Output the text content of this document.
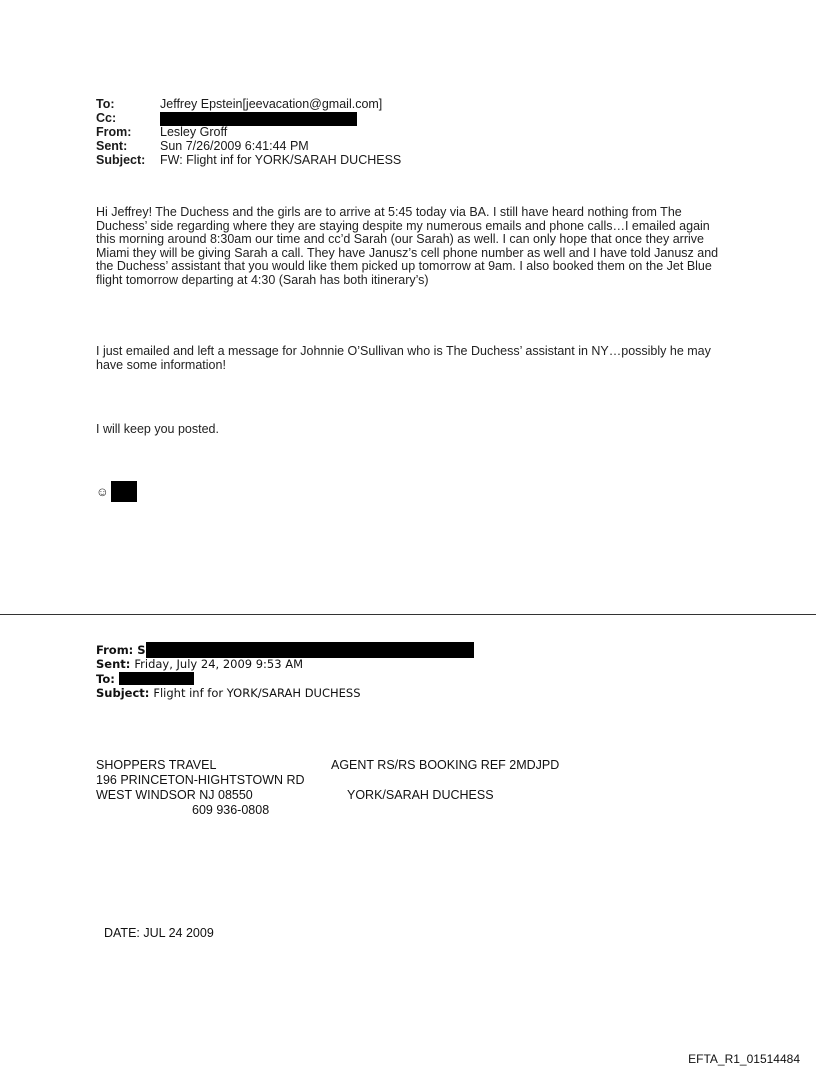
To:	Jeffrey Epstein[jeevacation@gmail.com]
Cc:
From:	Lesley Groff
Sent:	Sun 7/26/2009 6:41:44 PM
Subject:	FW: Flight inf for YORK/SARAH DUCHESS
Hi Jeffrey! The Duchess and the girls are to arrive at 5:45 today via BA. I still have heard nothing from The Duchess’ side regarding where they are staying despite my numerous emails and phone calls…I emailed again this morning around 8:30am our time and cc’d Sarah (our Sarah) as well. I can only hope that once they arrive Miami they will be giving Sarah a call. They have Janusz’s cell phone number as well and I have told Janusz and the Duchess’ assistant that you would like them picked up tomorrow at 9am. I also booked them on the Jet Blue flight tomorrow departing at 4:30 (Sarah has both itinerary’s)
I just emailed and left a message for Johnnie O’Sullivan who is The Duchess’ assistant in NY…possibly he may have some information!
I will keep you posted.
☺
From: S
Sent: Friday, July 24, 2009 9:53 AM
To:
Subject: Flight inf for YORK/SARAH DUCHESS
SHOPPERS TRAVEL	AGENT RS/RS BOOKING REF 2MDJPD
196 PRINCETON-HIGHTSTOWN RD
WEST WINDSOR NJ 08550	YORK/SARAH DUCHESS
609 936-0808
DATE: JUL 24 2009
EFTA_R1_01514484
